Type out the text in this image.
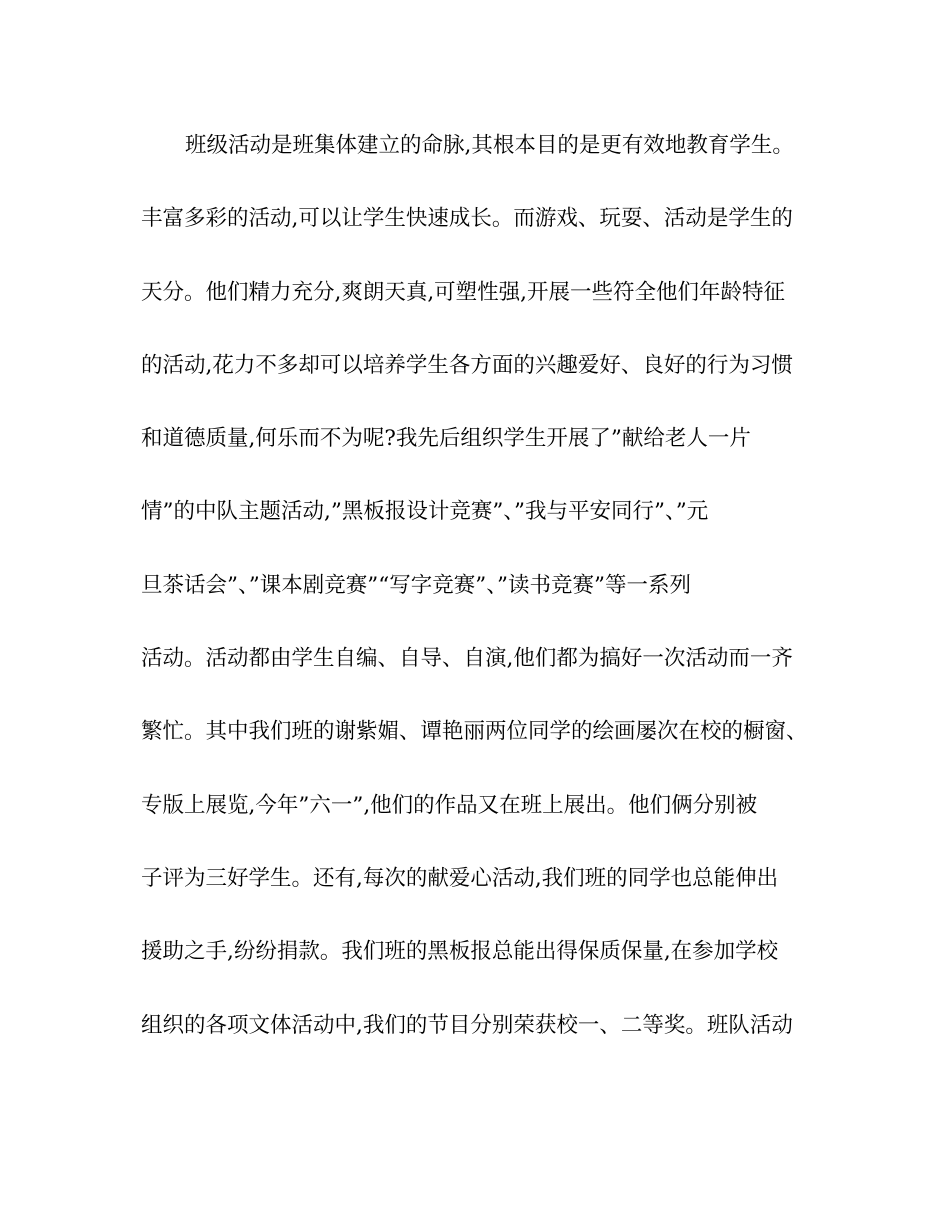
班级活动是班集体建立的命脉,其根本目的是更有效地教育学生。
丰富多彩的活动,可以让学生快速成长。而游戏、玩耍、活动是学生的
天分。他们精力充分,爽朗天真,可塑性强,开展一些符全他们年龄特征
的活动,花力不多却可以培养学生各方面的兴趣爱好、良好的行为习惯
和道德质量,何乐而不为呢?我先后组织学生开展了”献给老人一片
情”的中队主题活动,”黑板报设计竞赛”、”我与平安同行”、”元
旦茶话会”、”课本剧竞赛”“写字竞赛”、”读书竞赛”等一系列
活动。活动都由学生自编、自导、自演,他们都为搞好一次活动而一齐
繁忙。其中我们班的谢紫媚、谭艳丽两位同学的绘画屡次在校的橱窗、
专版上展览,今年”六一”,他们的作品又在班上展出。他们俩分别被
子评为三好学生。还有,每次的献爱心活动,我们班的同学也总能伸出
援助之手,纷纷捐款。我们班的黑板报总能出得保质保量,在参加学校
组织的各项文体活动中,我们的节目分别荣获校一、二等奖。班队活动
